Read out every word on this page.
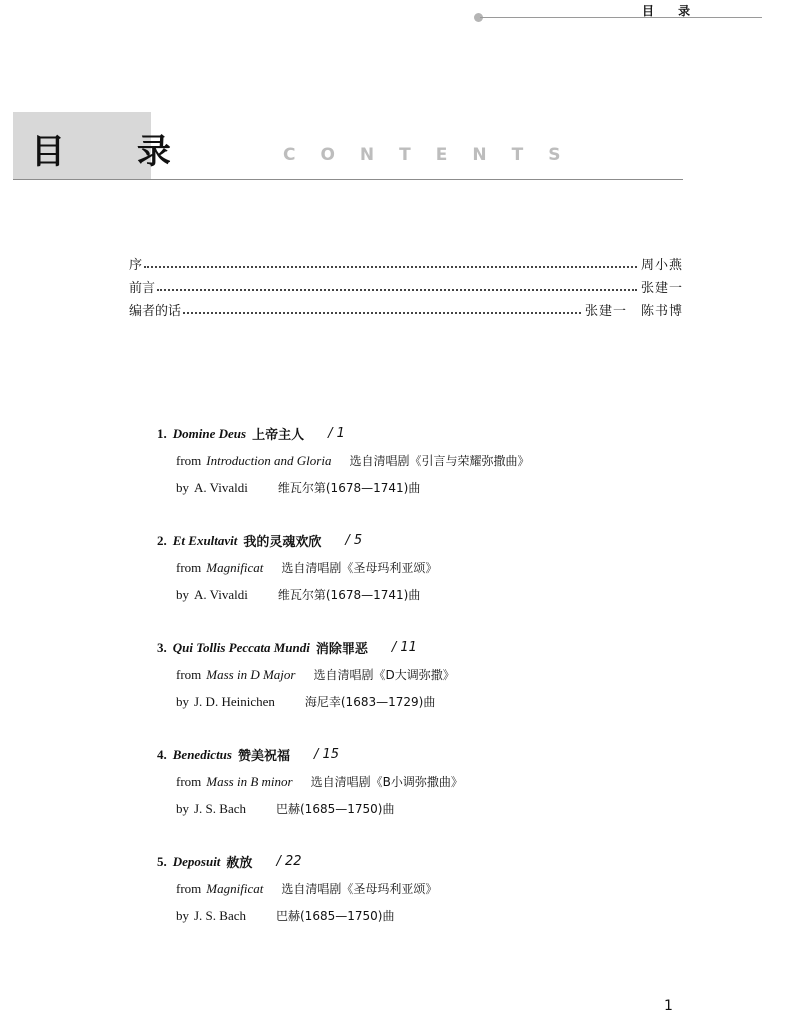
目 录
目 录	CONTENTS
序	周小燕
前言	张建一
编者的话	张建一　陈书博
1. Domine Deus 上帝主人 / 1
from Introduction and Gloria 选自清唱剧《引言与荣耀弥撒曲》
by A. Vivaldi	维瓦尔第(1678—1741)曲
2. Et Exultavit 我的灵魂欢欣 / 5
from Magnificat 选自清唱剧《圣母玛利亚颂》
by A. Vivaldi	维瓦尔第(1678—1741)曲
3. Qui Tollis Peccata Mundi 消除罪恶 / 11
from Mass in D Major 选自清唱剧《D大调弥撒》
by J. D. Heinichen	海尼幸(1683—1729)曲
4. Benedictus 赞美祝福 / 15
from Mass in B minor 选自清唱剧《B小调弥撒曲》
by J. S. Bach	巴赫(1685—1750)曲
5. Deposuit 赦放 / 22
from Magnificat 选自清唱剧《圣母玛利亚颂》
by J. S. Bach	巴赫(1685—1750)曲
1
